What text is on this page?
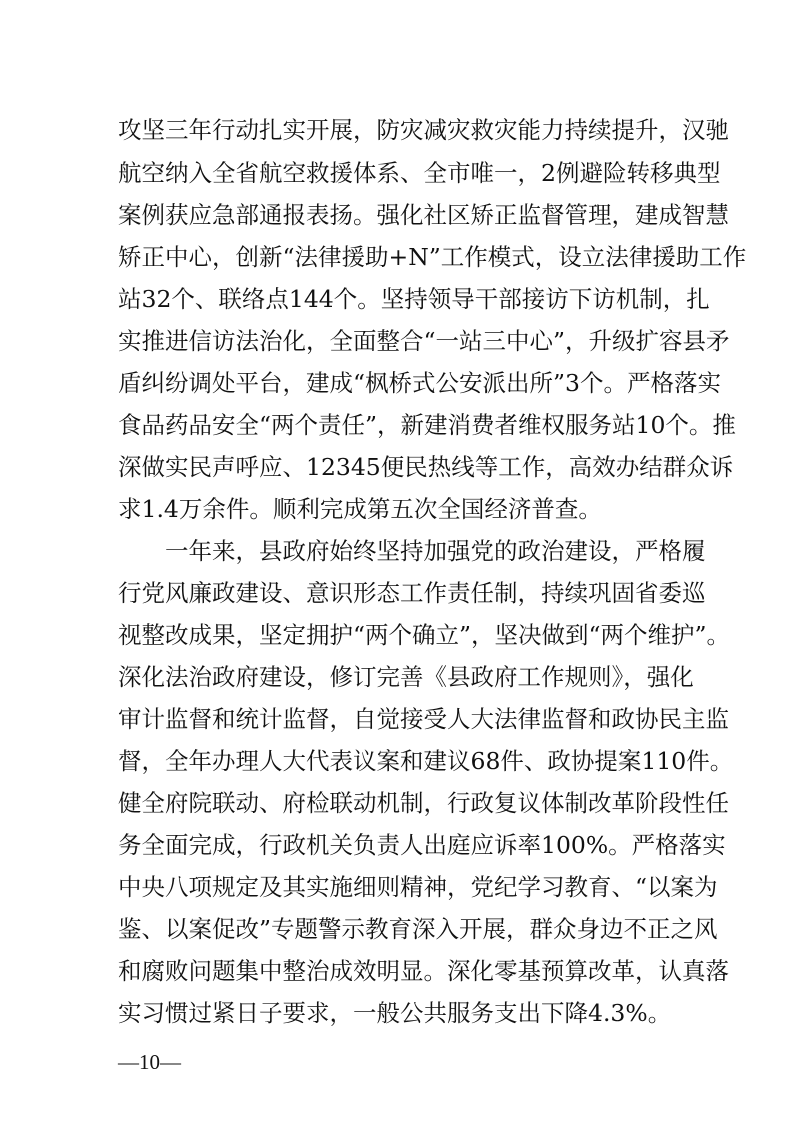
攻坚三年行动扎实开展，防灾减灾救灾能力持续提升，汉驰
航空纳入全省航空救援体系、全市唯一，2例避险转移典型
案例获应急部通报表扬。强化社区矫正监督管理，建成智慧
矫正中心，创新“法律援助+N”工作模式，设立法律援助工作
站32个、联络点144个。坚持领导干部接访下访机制，扎
实推进信访法治化，全面整合“一站三中心”，升级扩容县矛
盾纠纷调处平台，建成“枫桥式公安派出所”3个。严格落实
食品药品安全“两个责任”，新建消费者维权服务站10个。推
深做实民声呼应、12345便民热线等工作，高效办结群众诉
求1.4万余件。顺利完成第五次全国经济普查。
一年来，县政府始终坚持加强党的政治建设，严格履
行党风廉政建设、意识形态工作责任制，持续巩固省委巡
视整改成果，坚定拥护“两个确立”，坚决做到“两个维护”。
深化法治政府建设，修订完善《县政府工作规则》，强化
审计监督和统计监督，自觉接受人大法律监督和政协民主监
督，全年办理人大代表议案和建议68件、政协提案110件。
健全府院联动、府检联动机制，行政复议体制改革阶段性任
务全面完成，行政机关负责人出庭应诉率100%。严格落实
中央八项规定及其实施细则精神，党纪学习教育、“以案为
鉴、以案促改”专题警示教育深入开展，群众身边不正之风
和腐败问题集中整治成效明显。深化零基预算改革，认真落
实习惯过紧日子要求，一般公共服务支出下降4.3%。
—10—
